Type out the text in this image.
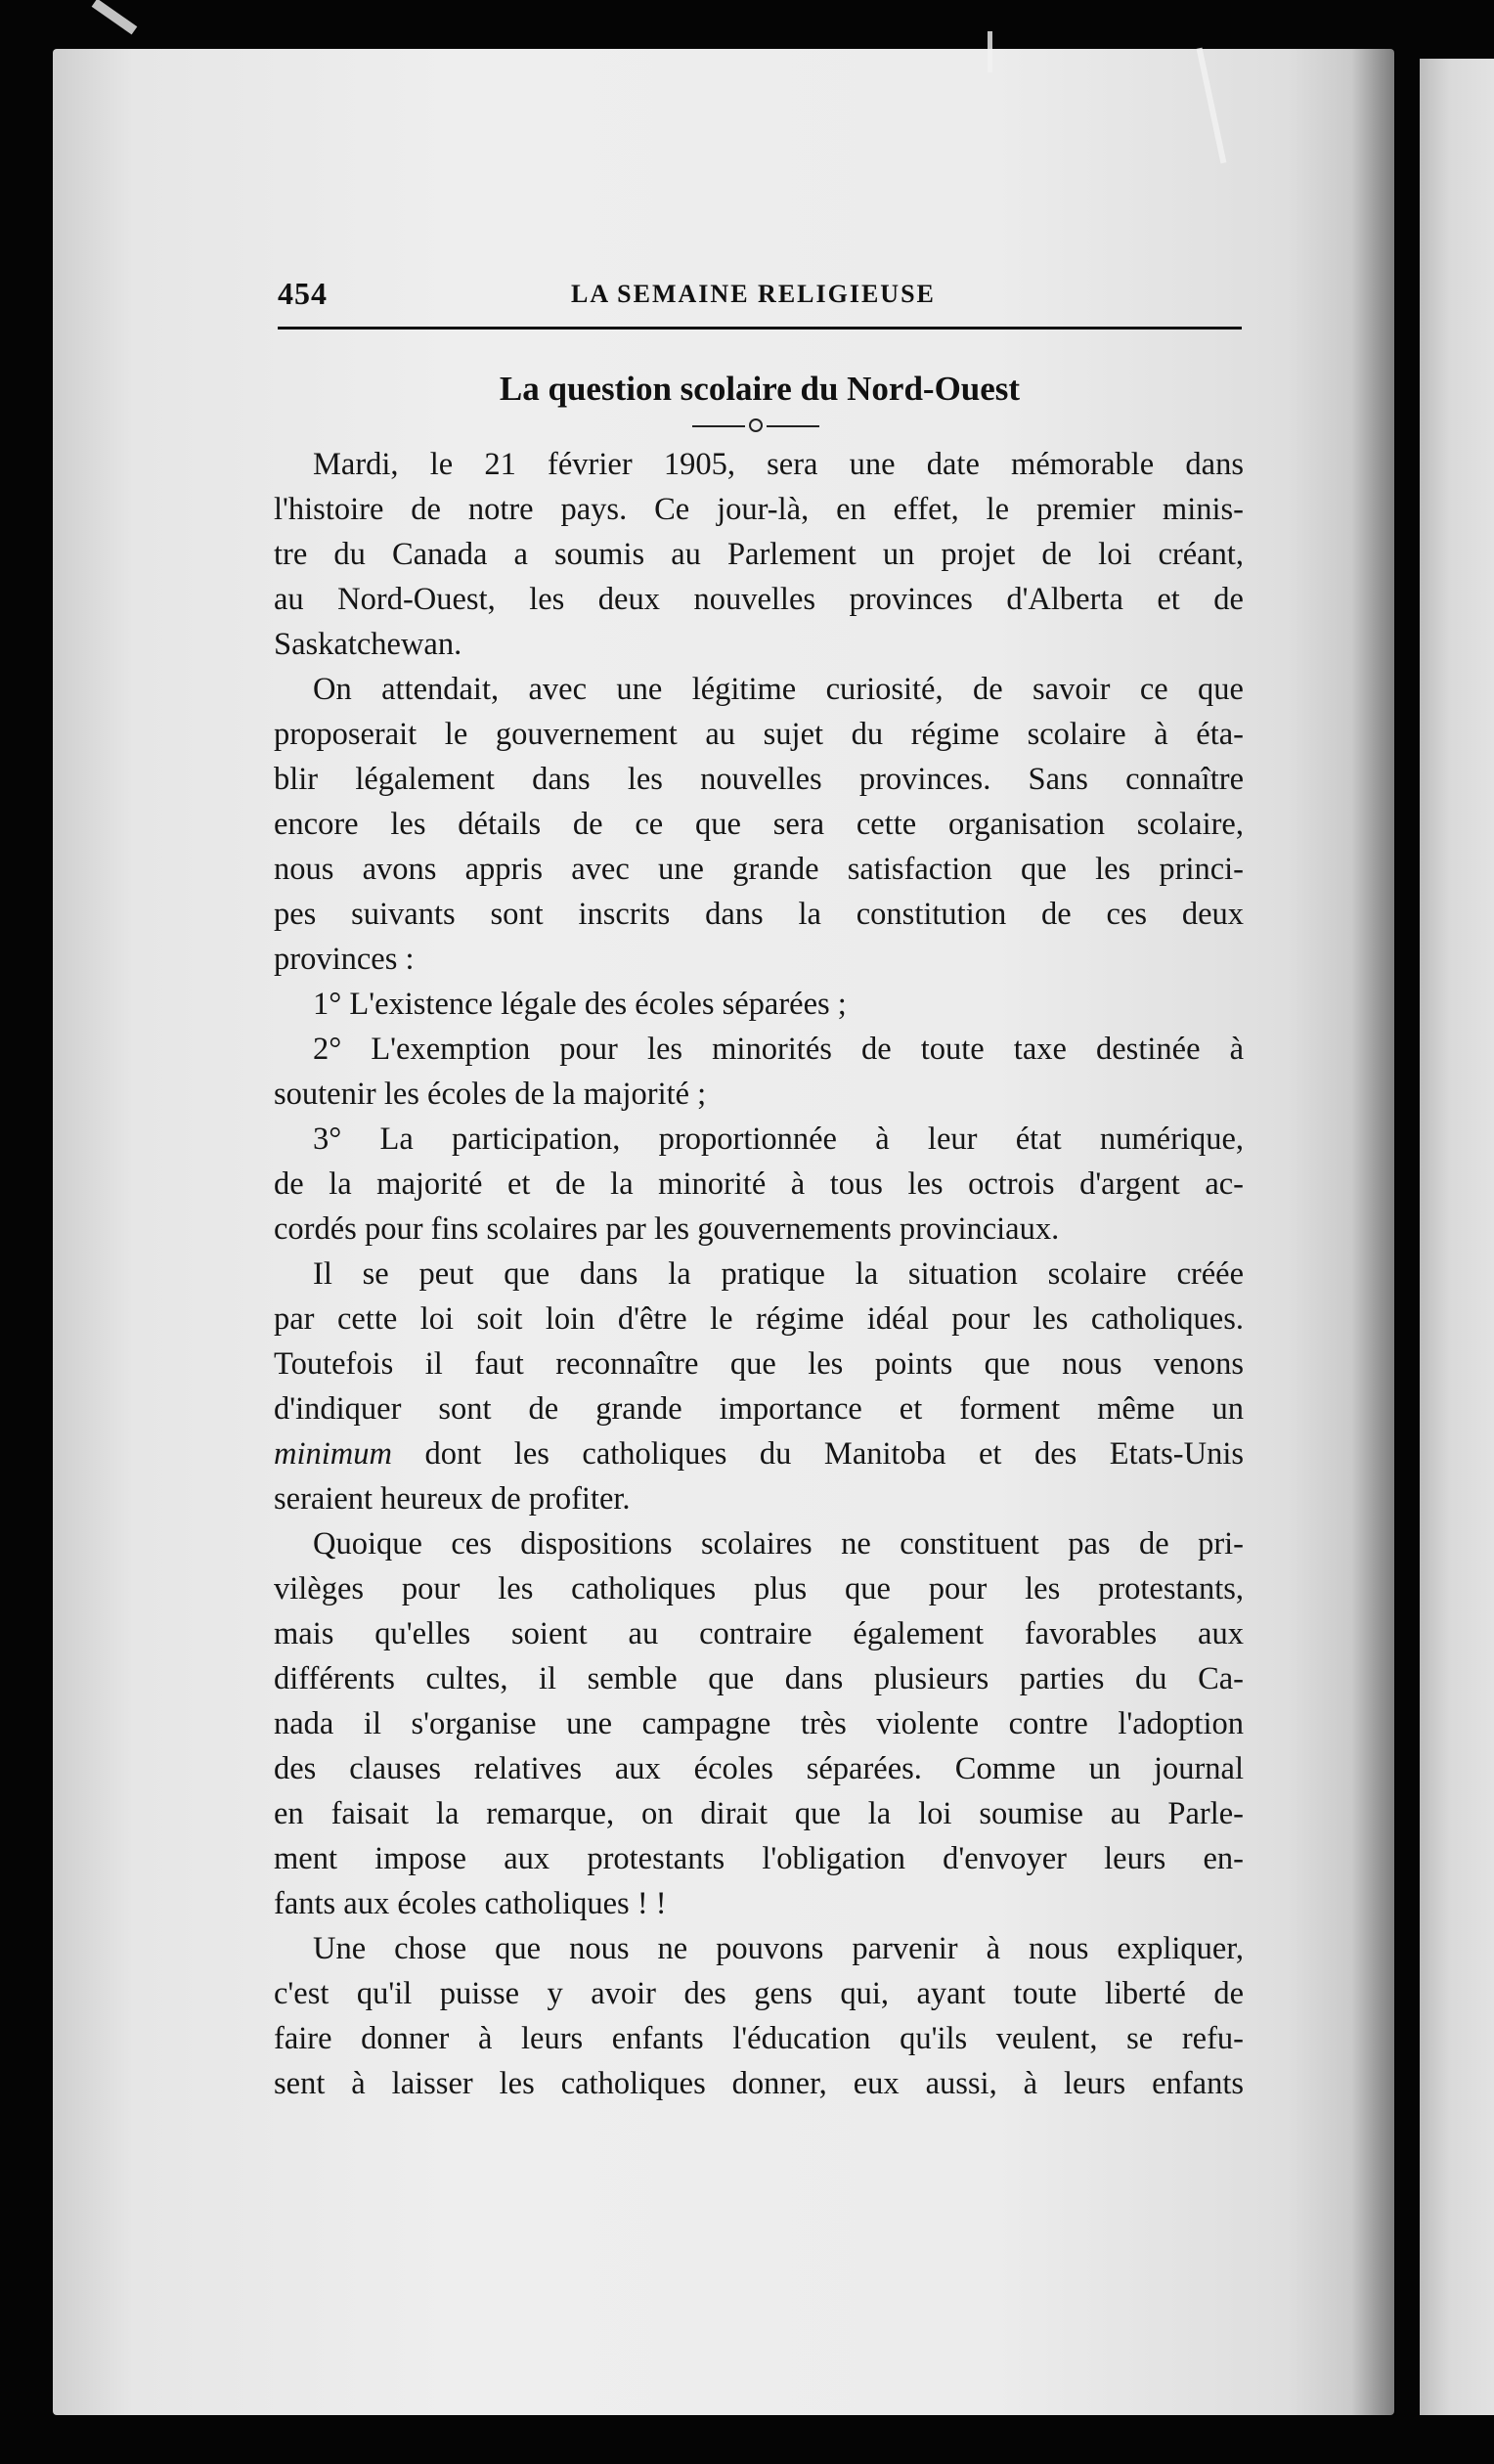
454	LA SEMAINE RELIGIEUSE
La question scolaire du Nord-Ouest
Mardi, le 21 février 1905, sera une date mémorable dans
l'histoire de notre pays. Ce jour-là, en effet, le premier minis-
tre du Canada a soumis au Parlement un projet de loi créant,
au Nord-Ouest, les deux nouvelles provinces d'Alberta et de
Saskatchewan.
On attendait, avec une légitime curiosité, de savoir ce que
proposerait le gouvernement au sujet du régime scolaire à éta-
blir légalement dans les nouvelles provinces. Sans connaître
encore les détails de ce que sera cette organisation scolaire,
nous avons appris avec une grande satisfaction que les princi-
pes suivants sont inscrits dans la constitution de ces deux
provinces :
1° L'existence légale des écoles séparées ;
2° L'exemption pour les minorités de toute taxe destinée à
soutenir les écoles de la majorité ;
3° La participation, proportionnée à leur état numérique,
de la majorité et de la minorité à tous les octrois d'argent ac-
cordés pour fins scolaires par les gouvernements provinciaux.
Il se peut que dans la pratique la situation scolaire créée
par cette loi soit loin d'être le régime idéal pour les catholiques.
Toutefois il faut reconnaître que les points que nous venons
d'indiquer sont de grande importance et forment même un
minimum dont les catholiques du Manitoba et des Etats-Unis
seraient heureux de profiter.
Quoique ces dispositions scolaires ne constituent pas de pri-
vilèges pour les catholiques plus que pour les protestants,
mais qu'elles soient au contraire également favorables aux
différents cultes, il semble que dans plusieurs parties du Ca-
nada il s'organise une campagne très violente contre l'adoption
des clauses relatives aux écoles séparées. Comme un journal
en faisait la remarque, on dirait que la loi soumise au Parle-
ment impose aux protestants l'obligation d'envoyer leurs en-
fants aux écoles catholiques ! !
Une chose que nous ne pouvons parvenir à nous expliquer,
c'est qu'il puisse y avoir des gens qui, ayant toute liberté de
faire donner à leurs enfants l'éducation qu'ils veulent, se refu-
sent à laisser les catholiques donner, eux aussi, à leurs enfants
